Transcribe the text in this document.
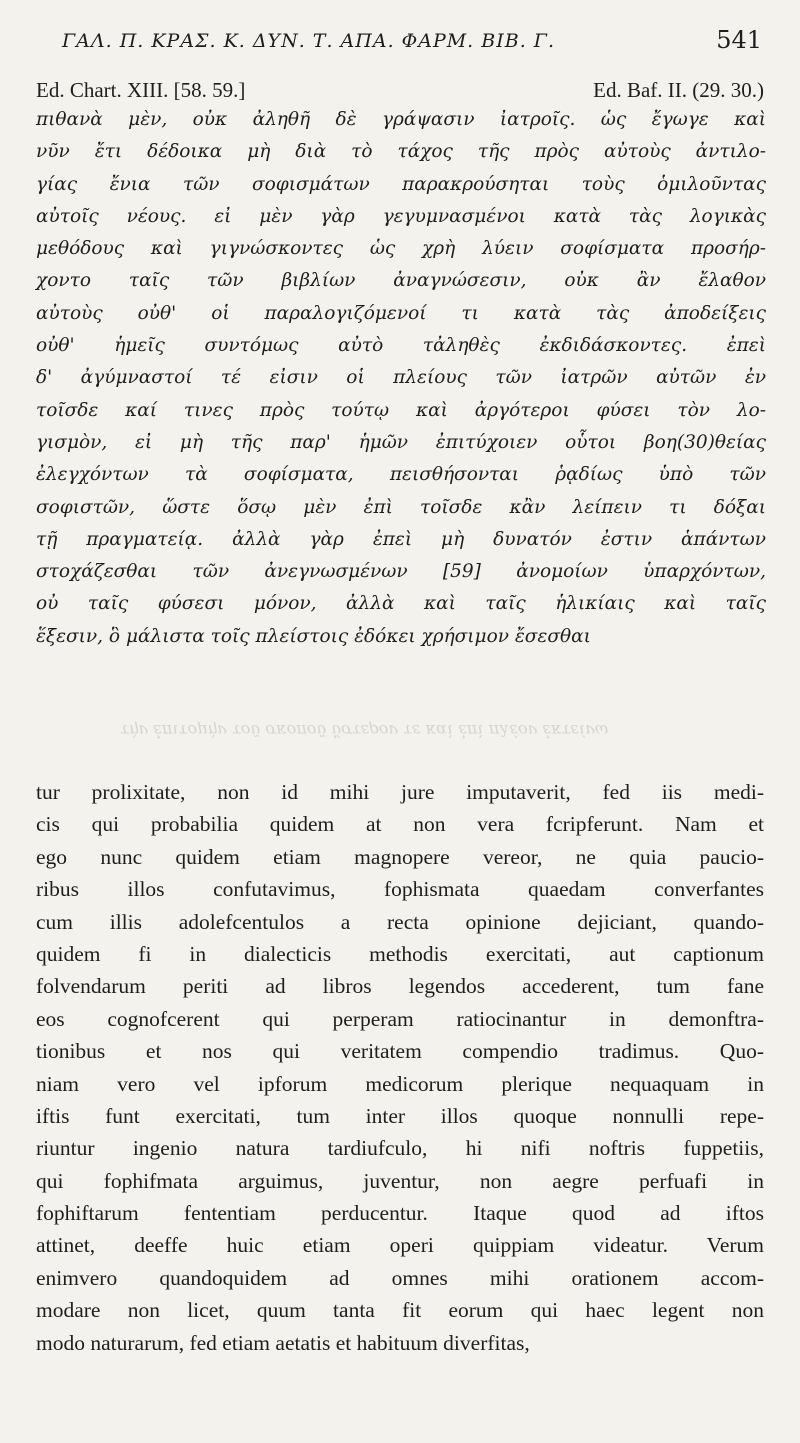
ΓΑΛ. Π. ΚΡΑΣ. Κ. ΔΥΝ. Τ. ΑΠΑ. ΦΑΡΜ. ΒΙΒ. Γ.	541
Ed. Chart. XIII. [58. 59.]	Ed. Baf. II. (29. 30.)
πιθανὰ μὲν, οὐκ ἀληθῆ δὲ γράψασιν ἰατροῖς. ὡς ἔγωγε καὶ
νῦν ἔτι δέδοικα μὴ διὰ τὸ τάχος τῆς πρὸς αὐτοὺς ἀντιλο-
γίας ἔνια τῶν σοφισμάτων παρακρούσηται τοὺς ὁμιλοῦντας
αὐτοῖς νέους. εἰ μὲν γὰρ γεγυμνασμένοι κατὰ τὰς λογικὰς
μεθόδους καὶ γιγνώσκοντες ὡς χρὴ λύειν σοφίσματα προσήρ-
χοντο ταῖς τῶν βιβλίων ἀναγνώσεσιν, οὐκ ἂν ἔλαθον
αὐτοὺς οὐθ' οἱ παραλογιζόμενοί τι κατὰ τὰς ἀποδείξεις
οὐθ' ἡμεῖς συντόμως αὐτὸ τἀληθὲς ἐκδιδάσκοντες. ἐπεὶ
δ' ἀγύμναστοί τέ εἰσιν οἱ πλείους τῶν ἰατρῶν αὐτῶν ἐν
τοῖσδε καί τινες πρὸς τούτῳ καὶ ἀργότεροι φύσει τὸν λο-
γισμὸν, εἰ μὴ τῆς παρ' ἡμῶν ἐπιτύχοιεν οὗτοι βοη(30)θείας
ἐλεγχόντων τὰ σοφίσματα, πεισθήσονται ῥᾳδίως ὑπὸ τῶν
σοφιστῶν, ὥστε ὅσῳ μὲν ἐπὶ τοῖσδε κἂν λείπειν τι δόξαι
τῇ πραγματείᾳ. ἀλλὰ γὰρ ἐπεὶ μὴ δυνατόν ἐστιν ἁπάντων
στοχάζεσθαι τῶν ἀνεγνωσμένων [59] ἀνομοίων ὑπαρχόντων,
οὐ ταῖς φύσεσι μόνον, ἀλλὰ καὶ ταῖς ἡλικίαις καὶ ταῖς
ἕξεσιν, ὃ μάλιστα τοῖς πλείστοις ἐδόκει χρήσιμον ἔσεσθαι
τὴν ἐπιτομὴν τοῦ σκοποῦ ὕστερον τε καὶ ἐπὶ πλέον ἐκτείνω
tur prolixitate, non id mihi jure imputaverit, fed iis medi-
cis qui probabilia quidem at non vera fcripferunt. Nam et
ego nunc quidem etiam magnopere vereor, ne quia paucio-
ribus illos confutavimus, fophismata quaedam converfantes
cum illis adolefcentulos a recta opinione dejiciant, quando-
quidem fi in dialecticis methodis exercitati, aut captionum
folvendarum periti ad libros legendos accederent, tum fane
eos cognofcerent qui perperam ratiocinantur in demonftra-
tionibus et nos qui veritatem compendio tradimus. Quo-
niam vero vel ipforum medicorum plerique nequaquam in
iftis funt exercitati, tum inter illos quoque nonnulli repe-
riuntur ingenio natura tardiufculo, hi nifi noftris fuppetiis,
qui fophifmata arguimus, juventur, non aegre perfuafi in
fophiftarum fententiam perducentur. Itaque quod ad iftos
attinet, deeffe huic etiam operi quippiam videatur. Verum
enimvero quandoquidem ad omnes mihi orationem accom-
modare non licet, quum tanta fit eorum qui haec legent non
modo naturarum, fed etiam aetatis et habituum diverfitas,
